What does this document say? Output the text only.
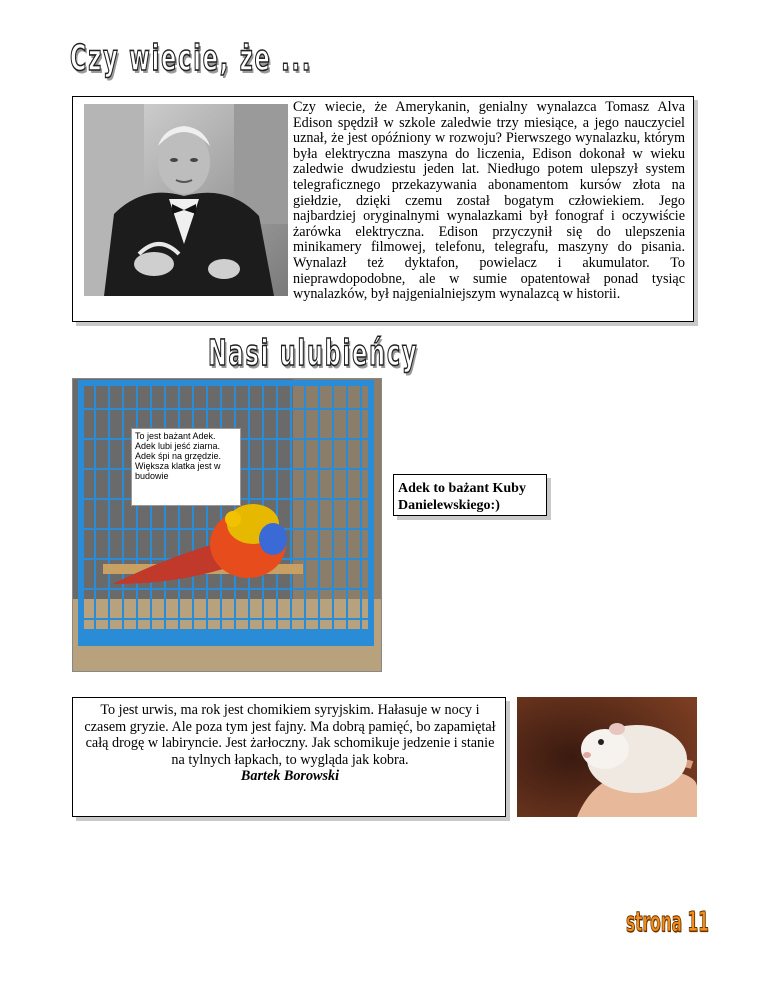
Czy wiecie, że ...
Czy wiecie, że Amerykanin, genialny wynalazca Tomasz Alva Edison spędził w szkole zaledwie trzy miesiące, a jego nauczyciel uznał, że jest opóźniony w rozwoju? Pierwszego wynalazku, którym była elektryczna maszyna do liczenia, Edison dokonał w wieku zaledwie dwudziestu jeden lat. Niedługo potem ulepszył system telegraficznego przekazywania abonamentom kursów złota na giełdzie, dzięki czemu został bogatym człowiekiem. Jego najbardziej oryginalnymi wynalazkami był fonograf i oczywiście żarówka elektryczna. Edison przyczynił się do ulepszenia minikamery filmowej, telefonu, telegrafu, maszyny do pisania. Wynalazł też dyktafon, powielacz i akumulator. To nieprawdopodobne, ale w sumie opatentował ponad tysiąc wynalazków, był najgenialniejszym wynalazcą w historii.
Nasi ulubieńcy
To jest bażant Adek. Adek lubi jeść ziarna. Adek śpi na grzędzie. Większa klatka jest w budowie
Adek to bażant Kuby Danielewskiego:)
To jest urwis, ma rok jest chomikiem syryjskim. Hałasuje w nocy i czasem gryzie. Ale poza tym jest fajny. Ma dobrą pamięć, bo zapamiętał całą drogę w labiryncie. Jest żarłoczny. Jak schomikuje jedzenie i stanie na tylnych łapkach, to wygląda jak kobra.
Bartek Borowski
strona 11
